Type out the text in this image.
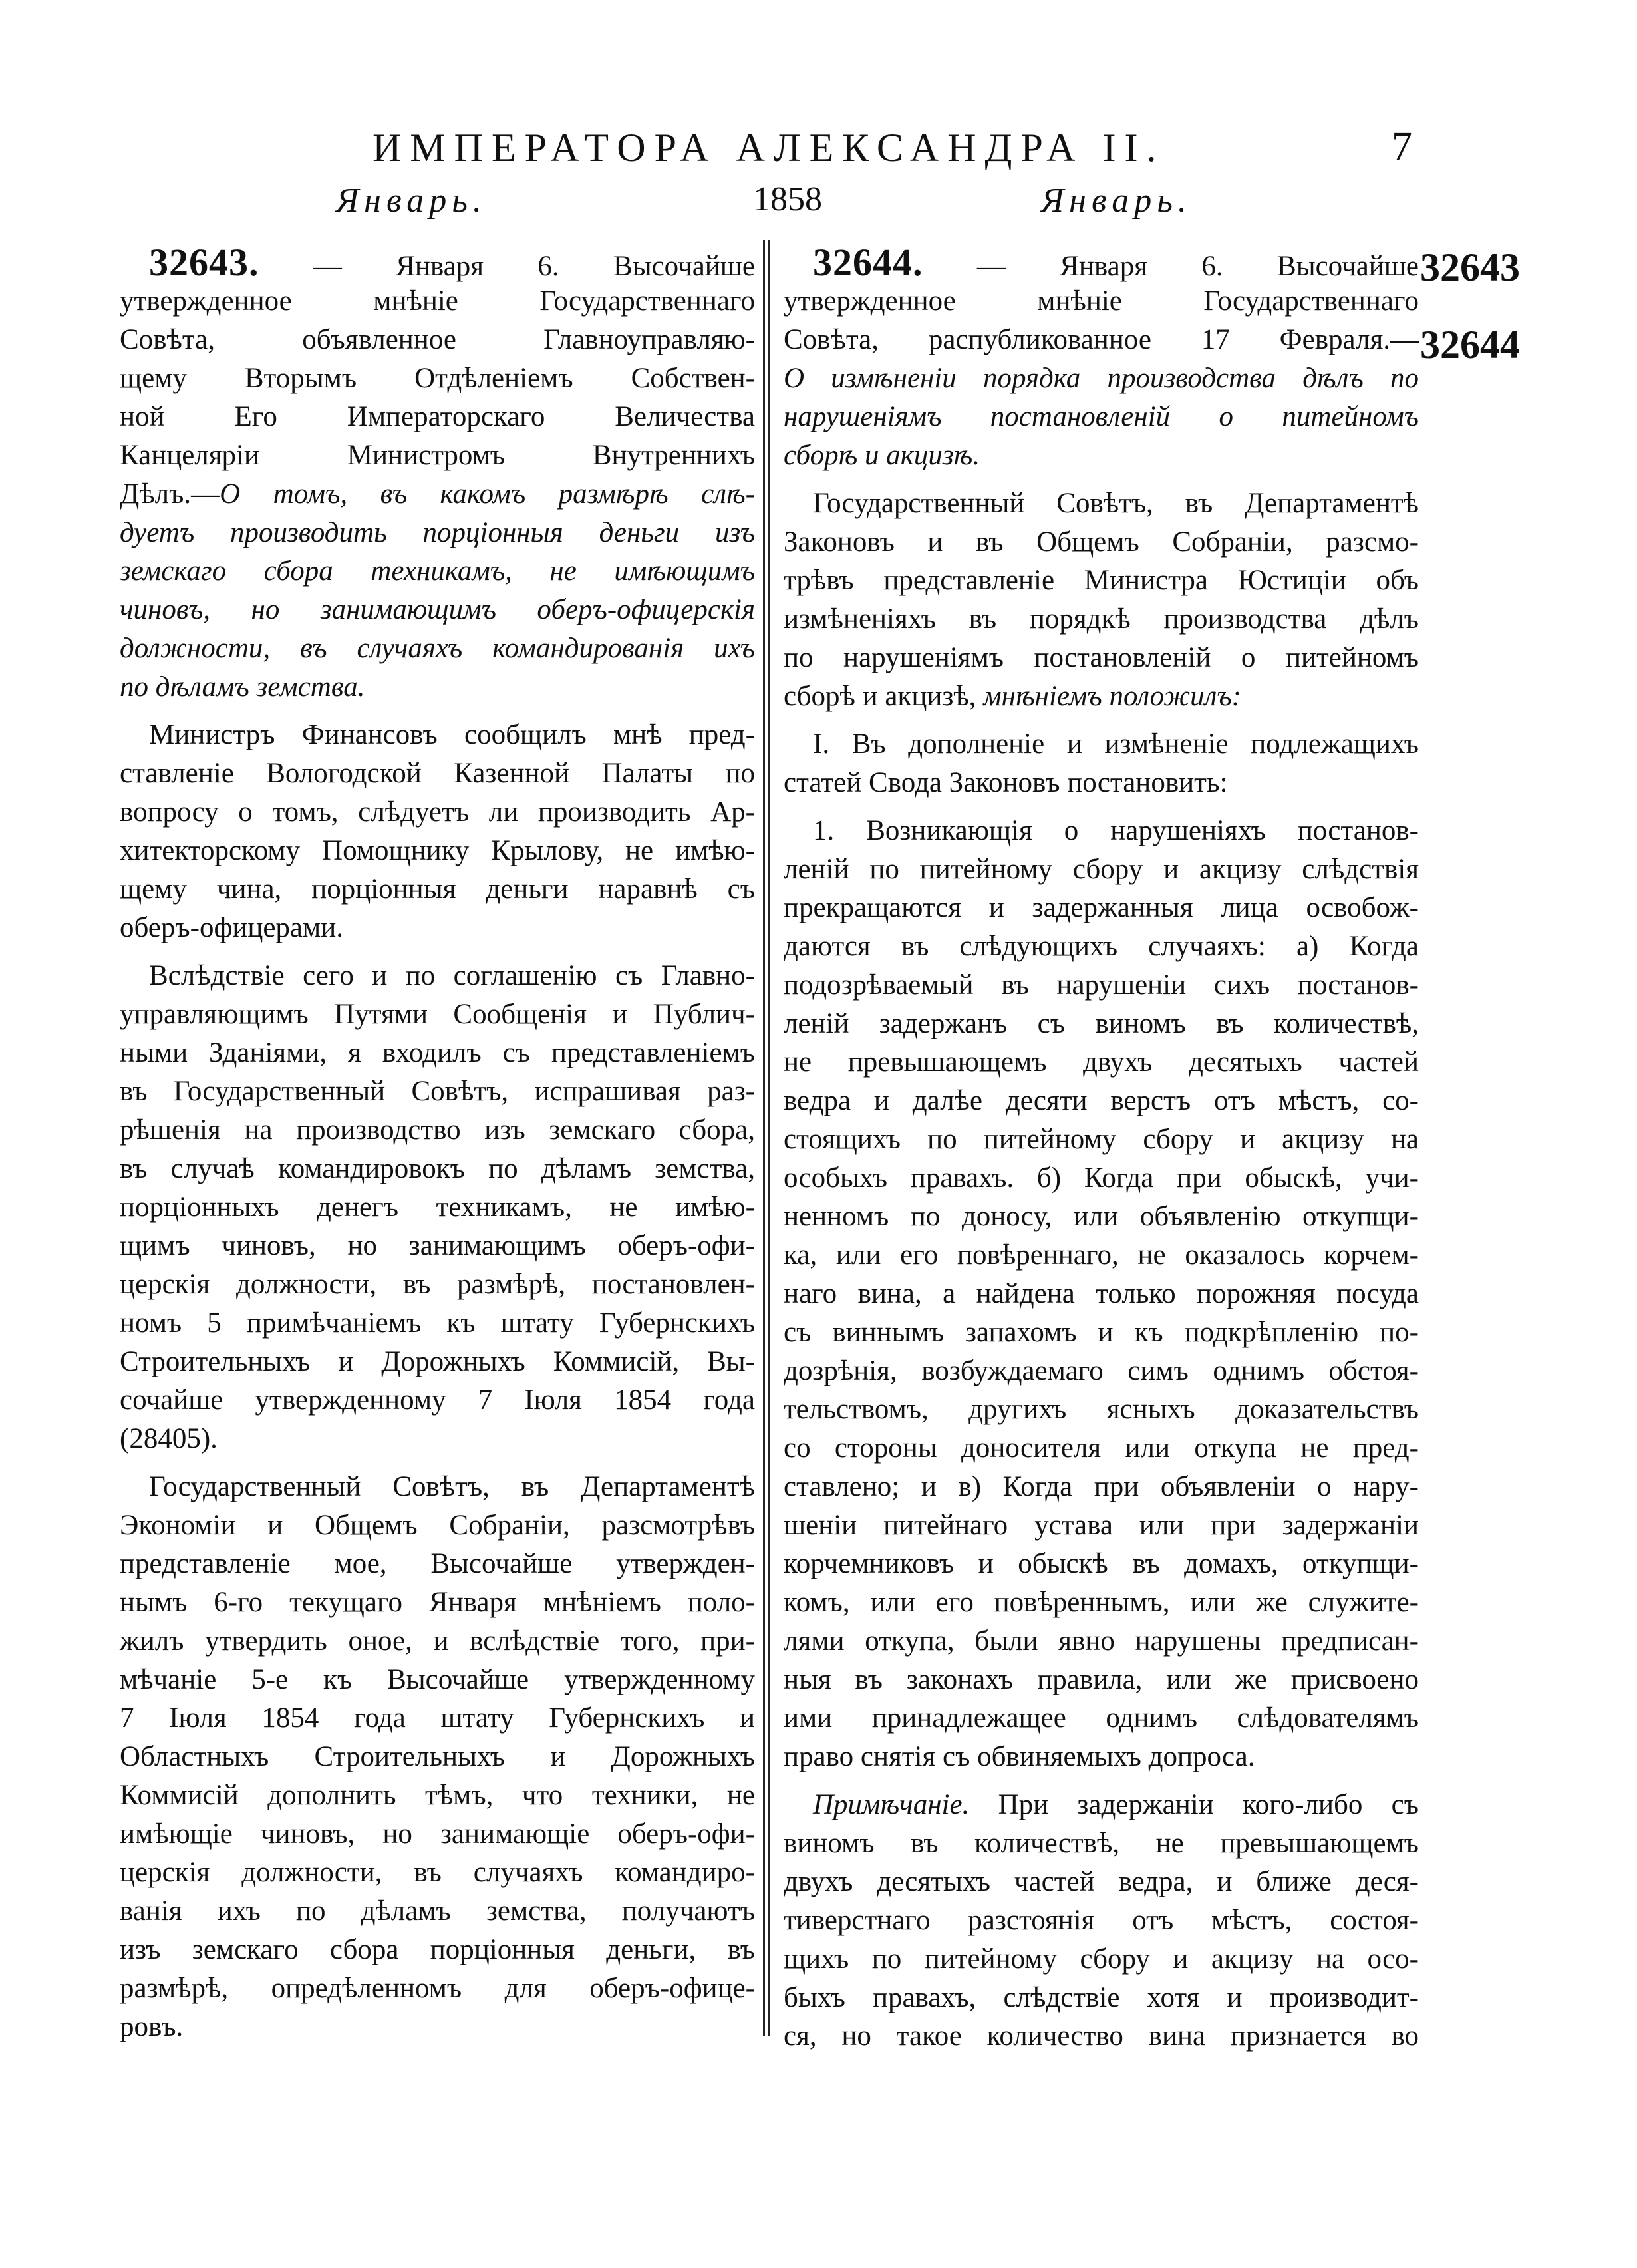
ИМПЕРАТОРА АЛЕКСАНДРА II.	7
Январь.	1858	Январь.
32643. — Января 6. Высочайше
утвержденное мнѣніе Государственнаго
Совѣта, объявленное Главноуправляю-
щему Вторымъ Отдѣленіемъ Собствен-
ной Его Императорскаго Величества
Канцеляріи Министромъ Внутреннихъ
Дѣлъ.—О томъ, въ какомъ размѣрѣ слѣ-
дуетъ производить порціонныя деньги изъ
земскаго сбора техникамъ, не имѣющимъ
чиновъ, но занимающимъ оберъ-офицерскія
должности, въ случаяхъ командированія ихъ
по дѣламъ земства.
Министръ Финансовъ сообщилъ мнѣ пред-
ставленіе Вологодской Казенной Палаты по
вопросу о томъ, слѣдуетъ ли производить Ар-
хитекторскому Помощнику Крылову, не имѣю-
щему чина, порціонныя деньги наравнѣ съ
оберъ-офицерами.
Вслѣдствіе сего и по соглашенію съ Главно-
управляющимъ Путями Сообщенія и Публич-
ными Зданіями, я входилъ съ представленіемъ
въ Государственный Совѣтъ, испрашивая раз-
рѣшенія на производство изъ земскаго сбора,
въ случаѣ командировокъ по дѣламъ земства,
порціонныхъ денегъ техникамъ, не имѣю-
щимъ чиновъ, но занимающимъ оберъ-офи-
церскія должности, въ размѣрѣ, постановлен-
номъ 5 примѣчаніемъ къ штату Губернскихъ
Строительныхъ и Дорожныхъ Коммисій, Вы-
сочайше утвержденному 7 Іюля 1854 года
(28405).
Государственный Совѣтъ, въ Департаментѣ
Экономіи и Общемъ Собраніи, разсмотрѣвъ
представленіе мое, Высочайше утвержден-
нымъ 6-го текущаго Января мнѣніемъ поло-
жилъ утвердить оное, и вслѣдствіе того, при-
мѣчаніе 5-е къ Высочайше утвержденному
7 Іюля 1854 года штату Губернскихъ и
Областныхъ Строительныхъ и Дорожныхъ
Коммисій дополнить тѣмъ, что техники, не
имѣющіе чиновъ, но занимающіе оберъ-офи-
церскія должности, въ случаяхъ командиро-
ванія ихъ по дѣламъ земства, получаютъ
изъ земскаго сбора порціонныя деньги, въ
размѣрѣ, опредѣленномъ для оберъ-офице-
ровъ.
32644. — Января 6. Высочайше
утвержденное мнѣніе Государственнаго
Совѣта, распубликованное 17 Февраля.—
О измѣненіи порядка производства дѣлъ по
нарушеніямъ постановленій о питейномъ
сборѣ и акцизѣ.
Государственный Совѣтъ, въ Департаментѣ
Законовъ и въ Общемъ Собраніи, разсмо-
трѣвъ представленіе Министра Юстиціи объ
измѣненіяхъ въ порядкѣ производства дѣлъ
по нарушеніямъ постановленій о питейномъ
сборѣ и акцизѣ, мнѣніемъ положилъ:
I. Въ дополненіе и измѣненіе подлежащихъ
статей Свода Законовъ постановить:
1. Возникающія о нарушеніяхъ постанов-
леній по питейному сбору и акцизу слѣдствія
прекращаются и задержанныя лица освобож-
даются въ слѣдующихъ случаяхъ: а) Когда
подозрѣваемый въ нарушеніи сихъ постанов-
леній задержанъ съ виномъ въ количествѣ,
не превышающемъ двухъ десятыхъ частей
ведра и далѣе десяти верстъ отъ мѣстъ, со-
стоящихъ по питейному сбору и акцизу на
особыхъ правахъ. б) Когда при обыскѣ, учи-
ненномъ по доносу, или объявленію откупщи-
ка, или его повѣреннаго, не оказалось корчем-
наго вина, а найдена только порожняя посуда
съ виннымъ запахомъ и къ подкрѣпленію по-
дозрѣнія, возбуждаемаго симъ однимъ обстоя-
тельствомъ, другихъ ясныхъ доказательствъ
со стороны доносителя или откупа не пред-
ставлено; и в) Когда при объявленіи о нару-
шеніи питейнаго устава или при задержаніи
корчемниковъ и обыскѣ въ домахъ, откупщи-
комъ, или его повѣреннымъ, или же служите-
лями откупа, были явно нарушены предписан-
ныя въ законахъ правила, или же присвоено
ими принадлежащее однимъ слѣдователямъ
право снятія съ обвиняемыхъ допроса.
Примѣчаніе. При задержаніи кого-либо съ
виномъ въ количествѣ, не превышающемъ
двухъ десятыхъ частей ведра, и ближе деся-
тиверстнаго разстоянія отъ мѣстъ, состоя-
щихъ по питейному сбору и акцизу на осо-
быхъ правахъ, слѣдствіе хотя и производит-
ся, но такое количество вина признается во
32643
32644
